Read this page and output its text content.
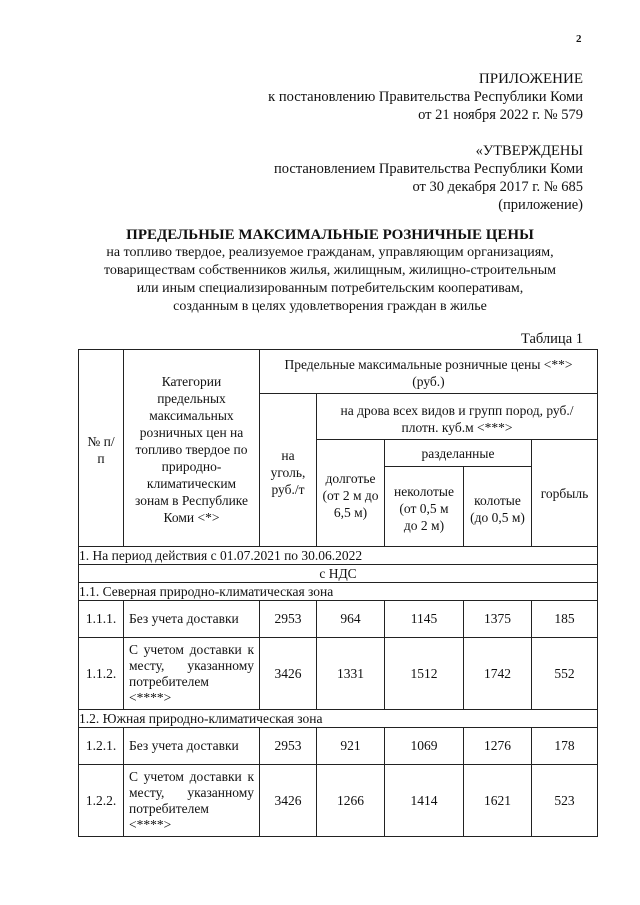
2
ПРИЛОЖЕНИЕ
к постановлению Правительства Республики Коми
от 21 ноября 2022 г. № 579
«УТВЕРЖДЕНЫ
постановлением Правительства Республики Коми
от 30 декабря 2017 г. № 685
(приложение)
ПРЕДЕЛЬНЫЕ МАКСИМАЛЬНЫЕ РОЗНИЧНЫЕ ЦЕНЫ
на топливо твердое, реализуемое гражданам, управляющим организациям,
товариществам собственников жилья, жилищным, жилищно-строительным
или иным специализированным потребительским кооперативам,
созданным в целях удовлетворения граждан в жилье
Таблица 1
№ п/п	Категории предельных максимальных розничных цен на топливо твердое по природно-климатическим зонам в Республике Коми <*>	Предельные максимальные розничные цены <**> (руб.)				
		на уголь, руб./т	на дрова всех видов и групп пород, руб./плотн. куб.м <***>			
			долготье (от 2 м до 6,5 м)	разделанные		горбыль
				неколотые (от 0,5 м до 2 м)	колотые (до 0,5 м)	
1. На период действия с 01.07.2021 по 30.06.2022						
с НДС						
1.1. Северная природно-климатическая зона						
1.1.1.	Без учета доставки	2953	964	1145	1375	185
1.1.2.	С учетом доставки к месту, указанному потребителем <****>	3426	1331	1512	1742	552
1.2. Южная природно-климатическая зона						
1.2.1.	Без учета доставки	2953	921	1069	1276	178
1.2.2.	С учетом доставки к месту, указанному потребителем <****>	3426	1266	1414	1621	523
